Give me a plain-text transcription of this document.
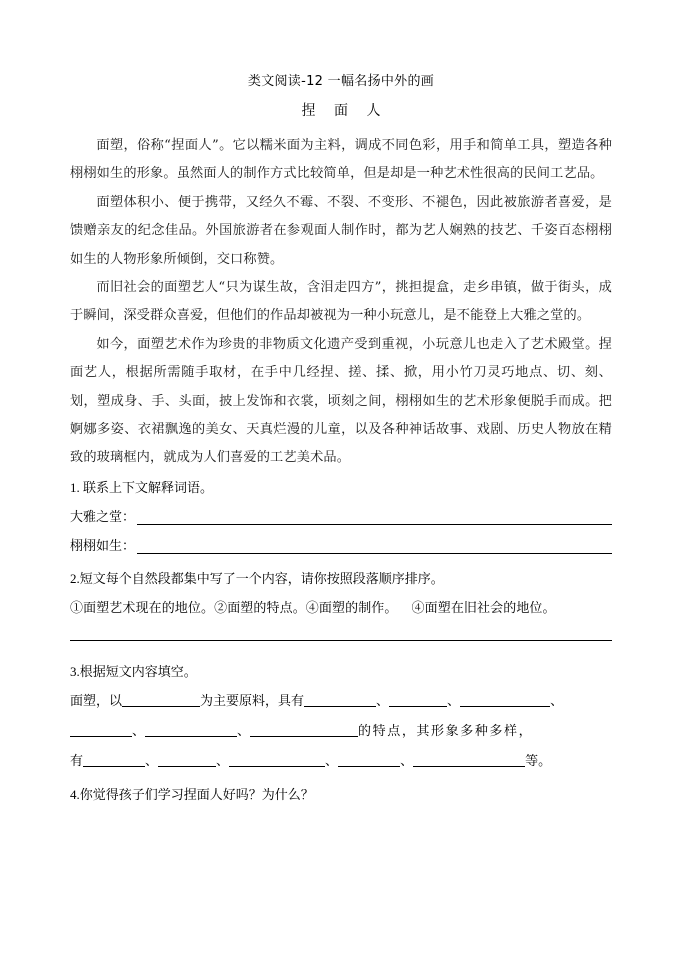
类文阅读-12 一幅名扬中外的画
捏 面 人

面塑，俗称“捏面人”。它以糯米面为主料，调成不同色彩，用手和简单工具，塑造各种栩栩如生的形象。虽然面人的制作方式比较简单，但是却是一种艺术性很高的民间工艺品。

面塑体积小、便于携带，又经久不霉、不裂、不变形、不褪色，因此被旅游者喜爱，是馈赠亲友的纪念佳品。外国旅游者在参观面人制作时，都为艺人娴熟的技艺、千姿百态栩栩如生的人物形象所倾倒，交口称赞。

而旧社会的面塑艺人“只为谋生故，含泪走四方”，挑担提盒，走乡串镇，做于街头，成于瞬间，深受群众喜爱，但他们的作品却被视为一种小玩意儿，是不能登上大雅之堂的。

如今，面塑艺术作为珍贵的非物质文化遗产受到重视，小玩意儿也走入了艺术殿堂。捏面艺人，根据所需随手取材，在手中几经捏、搓、揉、掀，用小竹刀灵巧地点、切、刻、划，塑成身、手、头面，披上发饰和衣裳，顷刻之间，栩栩如生的艺术形象便脱手而成。把婀娜多姿、衣裙飘逸的美女、天真烂漫的儿童，以及各种神话故事、戏剧、历史人物放在精致的玻璃框内，就成为人们喜爱的工艺美术品。

1. 联系上下文解释词语。

大雅之堂：
栩栩如生：

2.短文每个自然段都集中写了一个内容，请你按照段落顺序排序。

①面塑艺术现在的地位。②面塑的特点。④面塑的制作。 ④面塑在旧社会的地位。

3.根据短文内容填空。

面塑，以	为主要原料，具有	、	、	、

、	、	的特点，其形象多种多样，

有	、	、	、	、	等。

4.你觉得孩子们学习捏面人好吗？为什么？
